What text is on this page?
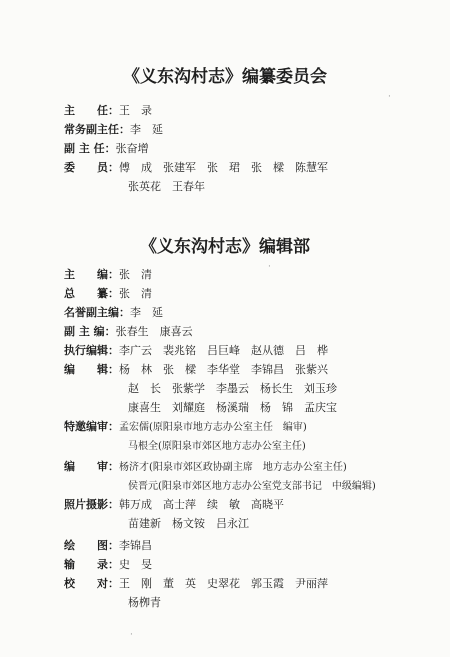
《义东沟村志》编纂委员会
主　　任：王　录
常务副主任：李　延
副 主 任：张奋增
委　　员：傅　成　张建军　张　珺　张　樑　陈慧军
张英花　王春年
《义东沟村志》编辑部
主　　编：张　清
总　　纂：张　清
名誉副主编：李　延
副 主 编：张春生　康喜云
执行编辑：李广云　裴兆铭　吕巨峰　赵从德　吕　桦
编　　辑：杨　林　张　樑　李华堂　李锦昌　张紫兴
赵　长　张紫学　李墨云　杨长生　刘玉珍
康喜生　刘耀庭　杨溪瑞　杨　锦　孟庆宝
特邀编审：孟宏儒(原阳泉市地方志办公室主任　编审)
马根全(原阳泉市郊区地方志办公室主任)
编　　审：杨济才(阳泉市郊区政协副主席　地方志办公室主任)
侯晋元(阳泉市郊区地方志办公室党支部书记　中级编辑)
照片摄影：韩万成　高士萍　续　敏　高晓平
苗建新　杨文铵　吕永江
绘　　图：李锦昌
输　　录：史　旻
校　　对：王　刚　董　英　史翠花　郭玉霞　尹丽萍
杨栁青
·
·
·
